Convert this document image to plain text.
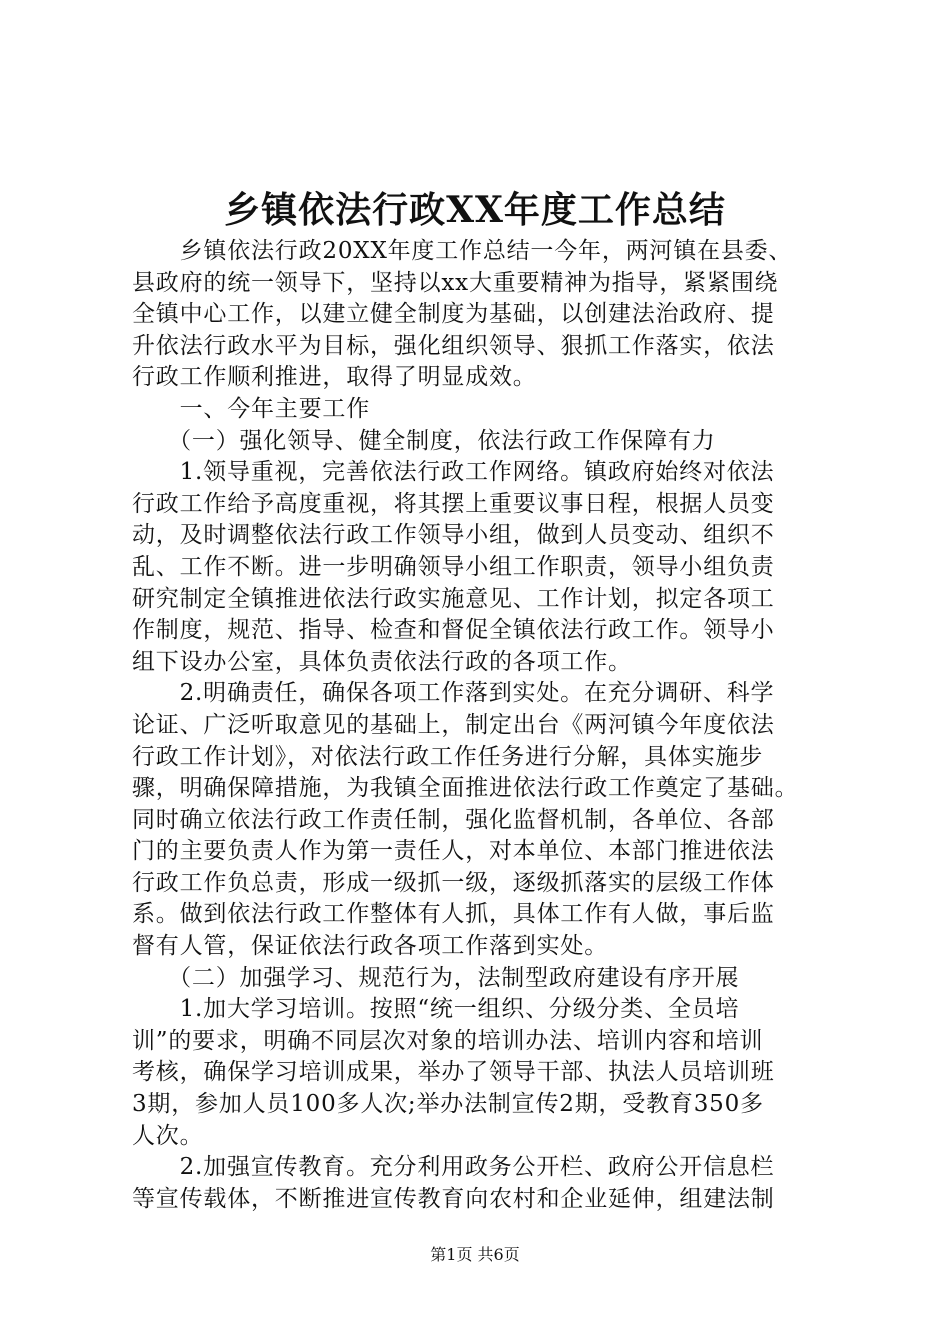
乡镇依法行政XX年度工作总结
　　乡镇依法行政20XX年度工作总结一今年，两河镇在县委、
县政府的统一领导下，坚持以xx大重要精神为指导，紧紧围绕
全镇中心工作，以建立健全制度为基础，以创建法治政府、提
升依法行政水平为目标，强化组织领导、狠抓工作落实，依法
行政工作顺利推进，取得了明显成效。
　　一、今年主要工作
　　（一）强化领导、健全制度，依法行政工作保障有力
　　1.领导重视，完善依法行政工作网络。镇政府始终对依法
行政工作给予高度重视，将其摆上重要议事日程，根据人员变
动，及时调整依法行政工作领导小组，做到人员变动、组织不
乱、工作不断。进一步明确领导小组工作职责，领导小组负责
研究制定全镇推进依法行政实施意见、工作计划，拟定各项工
作制度，规范、指导、检查和督促全镇依法行政工作。领导小
组下设办公室，具体负责依法行政的各项工作。
　　2.明确责任，确保各项工作落到实处。在充分调研、科学
论证、广泛听取意见的基础上，制定出台《两河镇今年度依法
行政工作计划》，对依法行政工作任务进行分解，具体实施步
骤，明确保障措施，为我镇全面推进依法行政工作奠定了基础。
同时确立依法行政工作责任制，强化监督机制，各单位、各部
门的主要负责人作为第一责任人，对本单位、本部门推进依法
行政工作负总责，形成一级抓一级，逐级抓落实的层级工作体
系。做到依法行政工作整体有人抓，具体工作有人做，事后监
督有人管，保证依法行政各项工作落到实处。
　　（二）加强学习、规范行为，法制型政府建设有序开展
　　1.加大学习培训。按照“统一组织、分级分类、全员培
训”的要求，明确不同层次对象的培训办法、培训内容和培训
考核，确保学习培训成果，举办了领导干部、执法人员培训班
3期，参加人员100多人次;举办法制宣传2期，受教育350多
人次。
　　2.加强宣传教育。充分利用政务公开栏、政府公开信息栏
等宣传载体，不断推进宣传教育向农村和企业延伸，组建法制
第1页 共6页
